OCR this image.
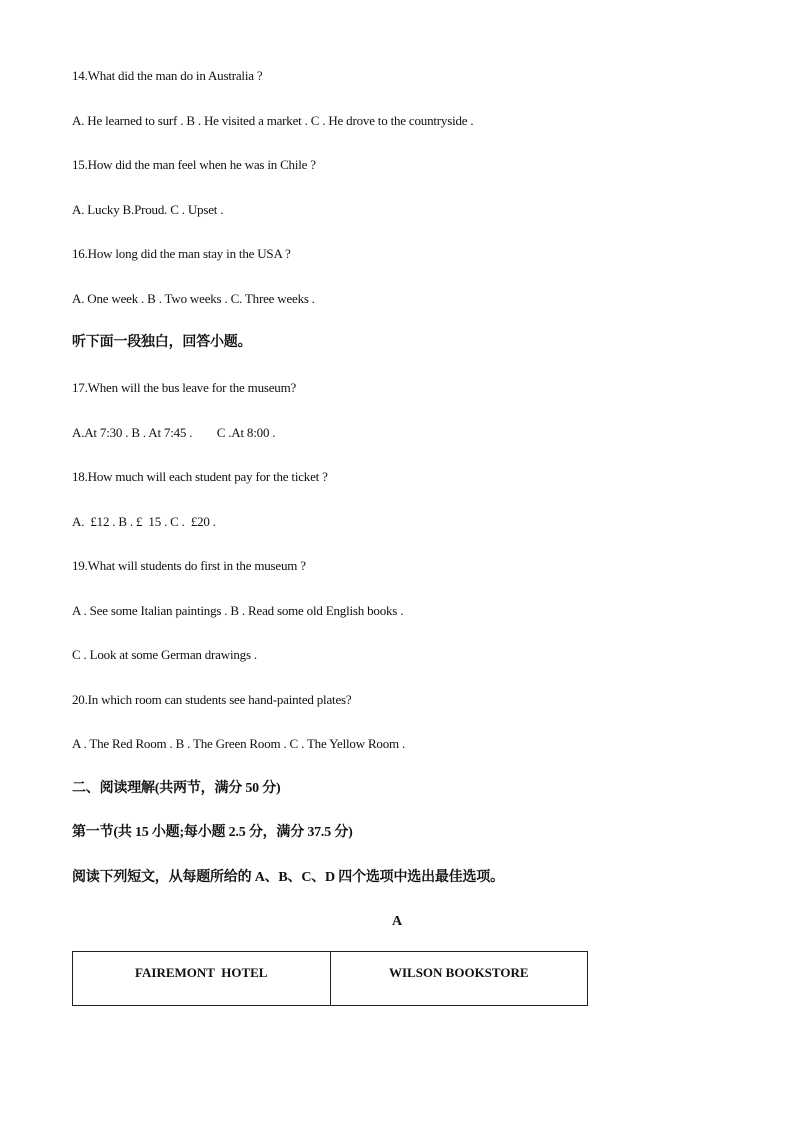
14.What did the man do in Australia ?
A. He learned to surf . B . He visited a market . C . He drove to the countryside .
15.How did the man feel when he was in Chile ?
A. Lucky B.Proud. C . Upset .
16.How long did the man stay in the USA ?
A. One week . B . Two weeks . C. Three weeks .
听下面一段独白，回答小题。
17.When will the bus leave for the museum?
A.At 7:30 . B . At 7:45 .        C .At 8:00 .
18.How much will each student pay for the ticket ?
A.  £12 . B . £  15 . C .  £20 .
19.What will students do first in the museum ?
A . See some Italian paintings . B . Read some old English books .
C . Look at some German drawings .
20.In which room can students see hand-painted plates?
A . The Red Room . B . The Green Room . C . The Yellow Room .
二、阅读理解(共两节，满分 50 分)
第一节(共 15 小题;每小题 2.5 分，满分 37.5 分)
阅读下列短文，从每题所给的 A、B、C、D 四个选项中选出最佳选项。
A
FAIREMONT  HOTEL	WILSON BOOKSTORE
